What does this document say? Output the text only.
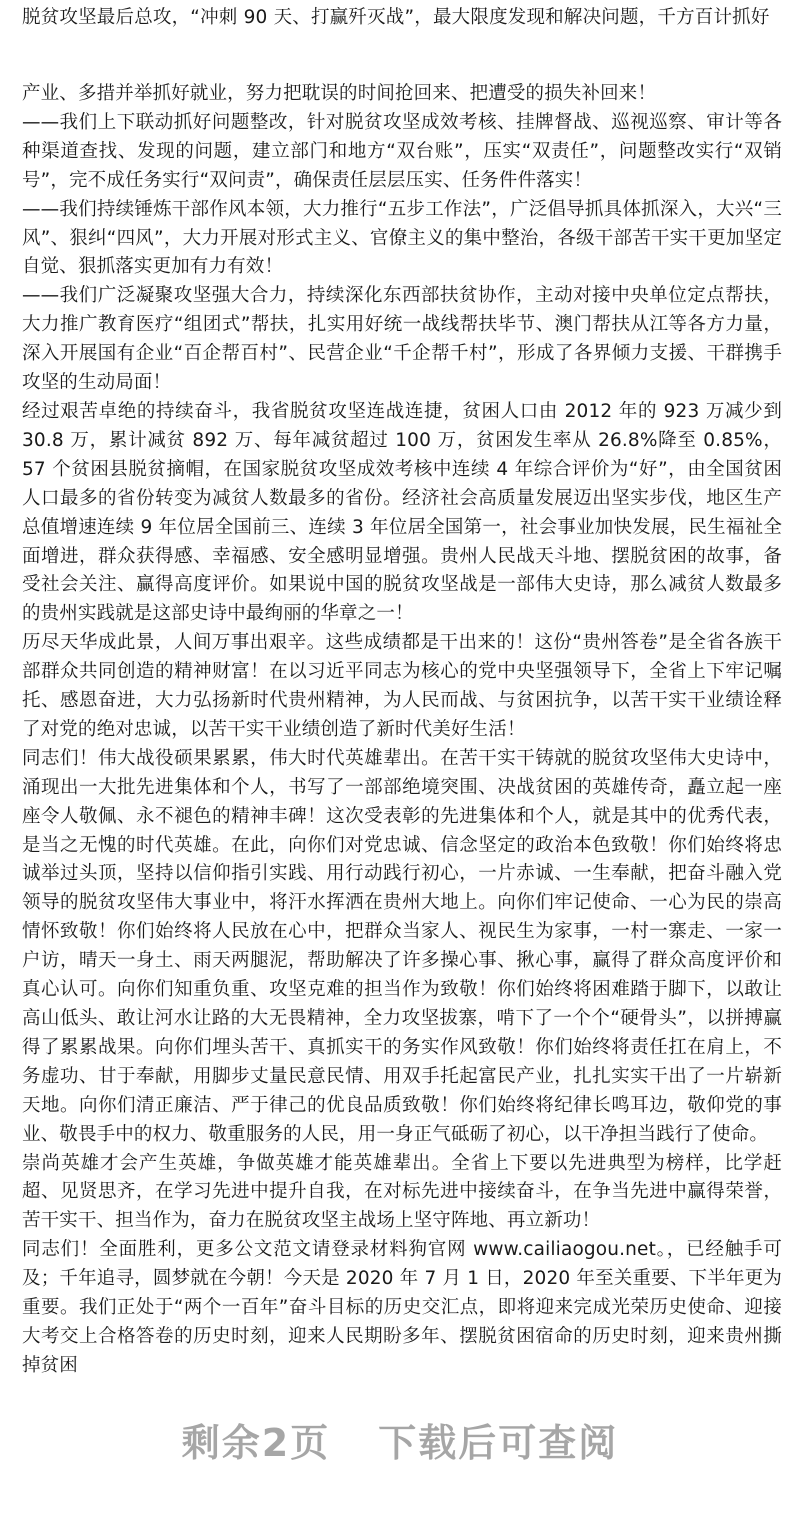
脱贫攻坚最后总攻，“冲刺 90 天、打赢歼灭战”，最大限度发现和解决问题，千方百计抓好

产业、多措并举抓好就业，努力把耽误的时间抢回来、把遭受的损失补回来！

——我们上下联动抓好问题整改，针对脱贫攻坚成效考核、挂牌督战、巡视巡察、审计等各种渠道查找、发现的问题，建立部门和地方“双台账”，压实“双责任”，问题整改实行“双销号”，完不成任务实行“双问责”，确保责任层层压实、任务件件落实！

——我们持续锤炼干部作风本领，大力推行“五步工作法”，广泛倡导抓具体抓深入，大兴“三风”、狠纠“四风”，大力开展对形式主义、官僚主义的集中整治，各级干部苦干实干更加坚定自觉、狠抓落实更加有力有效！

——我们广泛凝聚攻坚强大合力，持续深化东西部扶贫协作，主动对接中央单位定点帮扶，大力推广教育医疗“组团式”帮扶，扎实用好统一战线帮扶毕节、澳门帮扶从江等各方力量，深入开展国有企业“百企帮百村”、民营企业“千企帮千村”，形成了各界倾力支援、干群携手攻坚的生动局面！

经过艰苦卓绝的持续奋斗，我省脱贫攻坚连战连捷，贫困人口由 2012 年的 923 万减少到 30.8 万，累计减贫 892 万、每年减贫超过 100 万，贫困发生率从 26.8%降至 0.85%，57 个贫困县脱贫摘帽，在国家脱贫攻坚成效考核中连续 4 年综合评价为“好”，由全国贫困人口最多的省份转变为减贫人数最多的省份。经济社会高质量发展迈出坚实步伐，地区生产总值增速连续 9 年位居全国前三、连续 3 年位居全国第一，社会事业加快发展，民生福祉全面增进，群众获得感、幸福感、安全感明显增强。贵州人民战天斗地、摆脱贫困的故事，备受社会关注、赢得高度评价。如果说中国的脱贫攻坚战是一部伟大史诗，那么减贫人数最多的贵州实践就是这部史诗中最绚丽的华章之一！

历尽天华成此景，人间万事出艰辛。这些成绩都是干出来的！这份“贵州答卷”是全省各族干部群众共同创造的精神财富！在以习近平同志为核心的党中央坚强领导下，全省上下牢记嘱托、感恩奋进，大力弘扬新时代贵州精神，为人民而战、与贫困抗争，以苦干实干业绩诠释了对党的绝对忠诚，以苦干实干业绩创造了新时代美好生活！

同志们！伟大战役硕果累累，伟大时代英雄辈出。在苦干实干铸就的脱贫攻坚伟大史诗中，涌现出一大批先进集体和个人，书写了一部部绝境突围、决战贫困的英雄传奇，矗立起一座座令人敬佩、永不褪色的精神丰碑！这次受表彰的先进集体和个人，就是其中的优秀代表，是当之无愧的时代英雄。在此，向你们对党忠诚、信念坚定的政治本色致敬！你们始终将忠诚举过头顶，坚持以信仰指引实践、用行动践行初心，一片赤诚、一生奉献，把奋斗融入党领导的脱贫攻坚伟大事业中，将汗水挥洒在贵州大地上。向你们牢记使命、一心为民的崇高情怀致敬！你们始终将人民放在心中，把群众当家人、视民生为家事，一村一寨走、一家一户访，晴天一身土、雨天两腿泥，帮助解决了许多操心事、揪心事，赢得了群众高度评价和真心认可。向你们知重负重、攻坚克难的担当作为致敬！你们始终将困难踏于脚下，以敢让高山低头、敢让河水让路的大无畏精神，全力攻坚拔寨，啃下了一个个“硬骨头”，以拼搏赢得了累累战果。向你们埋头苦干、真抓实干的务实作风致敬！你们始终将责任扛在肩上，不务虚功、甘于奉献，用脚步丈量民意民情、用双手托起富民产业，扎扎实实干出了一片崭新天地。向你们清正廉洁、严于律己的优良品质致敬！你们始终将纪律长鸣耳边，敬仰党的事业、敬畏手中的权力、敬重服务的人民，用一身正气砥砺了初心，以干净担当践行了使命。

崇尚英雄才会产生英雄，争做英雄才能英雄辈出。全省上下要以先进典型为榜样，比学赶超、见贤思齐，在学习先进中提升自我，在对标先进中接续奋斗，在争当先进中赢得荣誉，苦干实干、担当作为，奋力在脱贫攻坚主战场上坚守阵地、再立新功！

同志们！全面胜利，更多公文范文请登录材料狗官网 www.cailiaogou.net。，已经触手可及；千年追寻，圆梦就在今朝！今天是 2020 年 7 月 1 日，2020 年至关重要、下半年更为重要。我们正处于“两个一百年”奋斗目标的历史交汇点，即将迎来完成光荣历史使命、迎接大考交上合格答卷的历史时刻，迎来人民期盼多年、摆脱贫困宿命的历史时刻，迎来贵州撕掉贫困

剩余2页 下载后可查阅
